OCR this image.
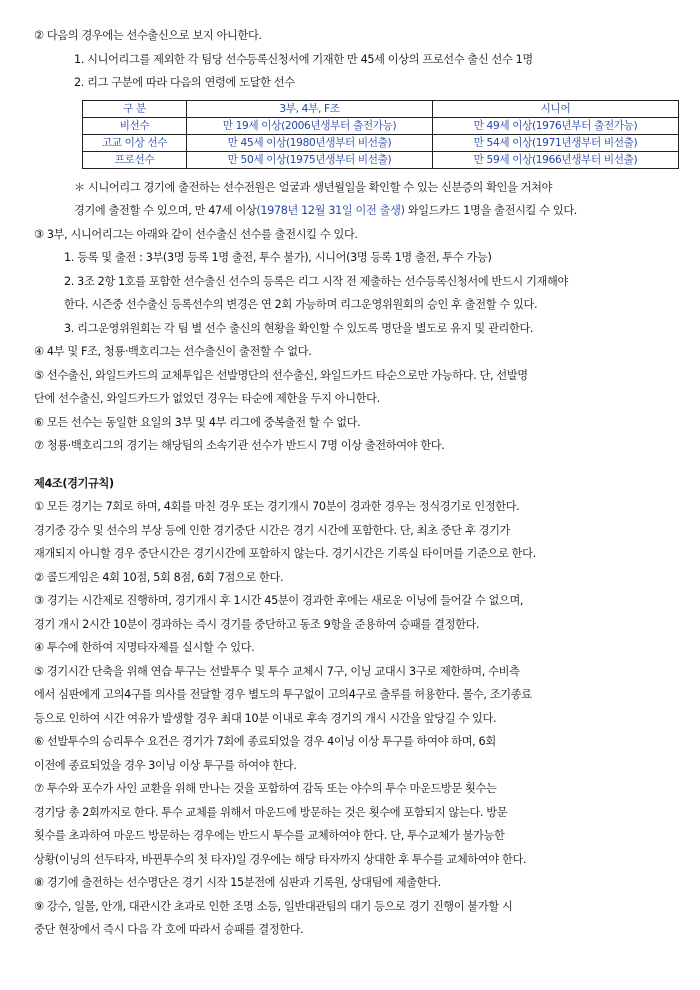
② 다음의 경우에는 선수출신으로 보지 아니한다.
1. 시니어리그를 제외한 각 팀당 선수등록신청서에 기재한 만 45세 이상의 프로선수 출신 선수 1명
2. 리그 구분에 따라 다음의 연령에 도달한 선수
구 분	3부, 4부, F조	시니어
비선수	만 19세 이상(2006년생부터 출전가능)	만 49세 이상(1976년부터 출전가능)
고교 이상 선수	만 45세 이상(1980년생부터 비선출)	만 54세 이상(1971년생부터 비선출)
프로선수	만 50세 이상(1975년생부터 비선출)	만 59세 이상(1966년생부터 비선출)
＊ 시니어리그 경기에 출전하는 선수전원은 얼굴과 생년월일을 확인할 수 있는 신분증의 확인을 거쳐야
경기에 출전할 수 있으며, 만 47세 이상(1978년 12월 31일 이전 출생) 와일드카드 1명을 출전시킬 수 있다.
③ 3부, 시니어리그는 아래와 같이 선수출신 선수를 출전시킬 수 있다.
1. 등록 및 출전 : 3부(3명 등록 1명 출전, 투수 불가), 시니어(3명 등록 1명 출전, 투수 가능)
2. 3조 2항 1호를 포함한 선수출신 선수의 등록은 리그 시작 전 제출하는 선수등록신청서에 반드시 기재해야
한다. 시즌중 선수출신 등록선수의 변경은 연 2회 가능하며 리그운영위원회의 승인 후 출전할 수 있다.
3. 리그운영위원회는 각 팀 별 선수 출신의 현황을 확인할 수 있도록 명단을 별도로 유지 및 관리한다.
④ 4부 및 F조, 청룡·백호리그는 선수출신이 출전할 수 없다.
⑤ 선수출신, 와일드카드의 교체투입은 선발명단의 선수출신, 와일드카드 타순으로만 가능하다. 단, 선발명
단에 선수출신, 와일드카드가 없었던 경우는 타순에 제한을 두지 아니한다.
⑥ 모든 선수는 동일한 요일의 3부 및 4부 리그에 중복출전 할 수 없다.
⑦ 청룡·백호리그의 경기는 해당팀의 소속기관 선수가 반드시 7명 이상 출전하여야 한다.
제4조(경기규칙)
① 모든 경기는 7회로 하며, 4회를 마친 경우 또는 경기개시 70분이 경과한 경우는 정식경기로 인정한다.
경기중 강수 및 선수의 부상 등에 인한 경기중단 시간은 경기 시간에 포함한다. 단, 최초 중단 후 경기가
재개되지 아니할 경우 중단시간은 경기시간에 포함하지 않는다. 경기시간은 기록실 타이머를 기준으로 한다.
② 콜드게임은 4회 10점, 5회 8점, 6회 7점으로 한다.
③ 경기는 시간제로 진행하며, 경기개시 후 1시간 45분이 경과한 후에는 새로운 이닝에 들어갈 수 없으며,
경기 개시 2시간 10분이 경과하는 즉시 경기를 중단하고 동조 9항을 준용하여 승패를 결정한다.
④ 투수에 한하여 지명타자제를 실시할 수 있다.
⑤ 경기시간 단축을 위해 연습 투구는 선발투수 및 투수 교체시 7구, 이닝 교대시 3구로 제한하며, 수비측
에서 심판에게 고의4구를 의사를 전달할 경우 별도의 투구없이 고의4구로 출루를 허용한다. 몰수, 조기종료
등으로 인하여 시간 여유가 발생할 경우 최대 10분 이내로 후속 경기의 개시 시간을 앞당길 수 있다.
⑥ 선발투수의 승리투수 요건은 경기가 7회에 종료되었을 경우 4이닝 이상 투구를 하여야 하며, 6회
이전에 종료되었을 경우 3이닝 이상 투구를 하여야 한다.
⑦ 투수와 포수가 사인 교환을 위해 만나는 것을 포함하여 감독 또는 야수의 투수 마운드방문 횟수는
경기당 총 2회까지로 한다. 투수 교체를 위해서 마운드에 방문하는 것은 횟수에 포함되지 않는다. 방문
횟수를 초과하여 마운드 방문하는 경우에는 반드시 투수를 교체하여야 한다. 단, 투수교체가 불가능한
상황(이닝의 선두타자, 바뀐투수의 첫 타자)일 경우에는 해당 타자까지 상대한 후 투수를 교체하여야 한다.
⑧ 경기에 출전하는 선수명단은 경기 시작 15분전에 심판과 기록원, 상대팀에 제출한다.
⑨ 강수, 일몰, 안개, 대관시간 초과로 인한 조명 소등, 일반대관팀의 대기 등으로 경기 진행이 불가할 시
중단 현장에서 즉시 다음 각 호에 따라서 승패를 결정한다.
